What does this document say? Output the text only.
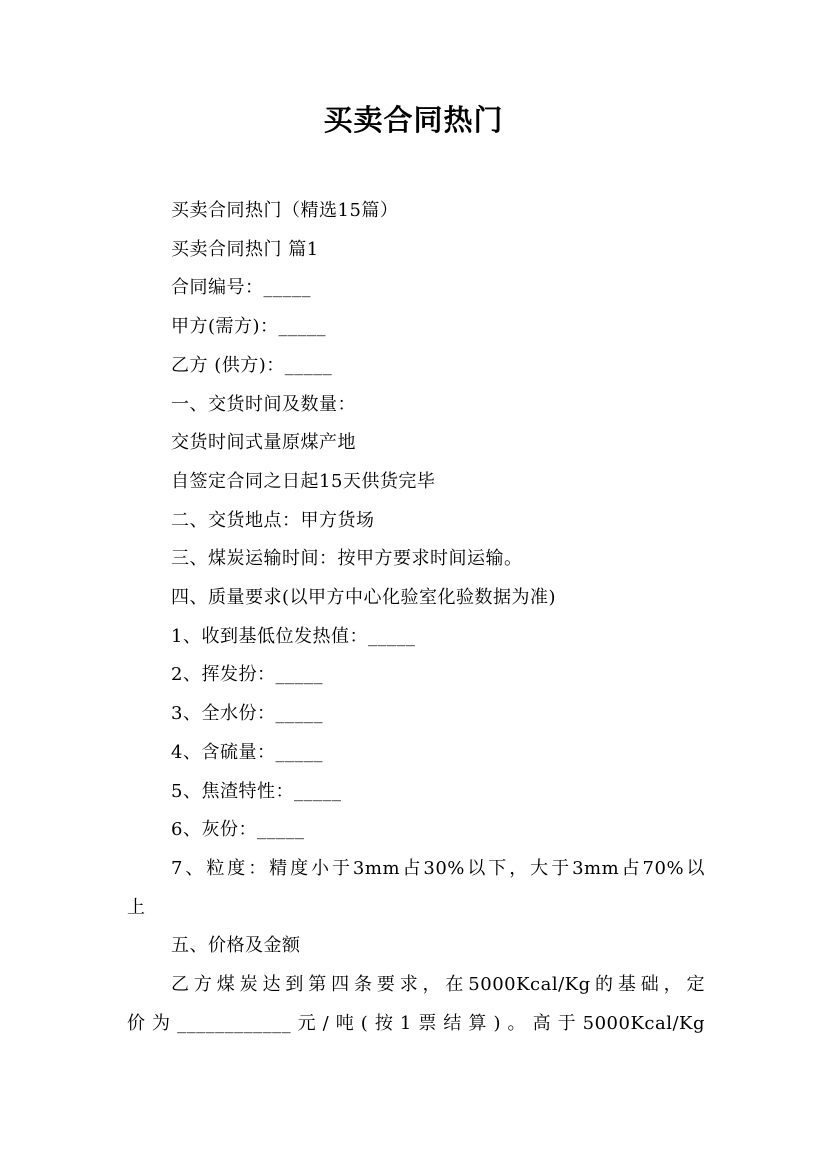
买卖合同热门
买卖合同热门（精选15篇）
买卖合同热门 篇1
合同编号：_____
甲方(需方)：_____
乙方 (供方)：_____
一、交货时间及数量：
交货时间式量原煤产地
自签定合同之日起15天供货完毕
二、交货地点：甲方货场
三、煤炭运输时间：按甲方要求时间运输。
四、质量要求(以甲方中心化验室化验数据为准)
1、收到基低位发热值：_____
2、挥发扮：_____
3、全水份：_____
4、含硫量：_____
5、焦渣特性：_____
6、灰份：_____
7、粒度：精度小于3mm占30%以下，大于3mm占70%以
上
五、价格及金额
乙方煤炭达到第四条要求，在5000Kcal/Kg的基础，定
价为____________元/吨(按1票结算)。高于5000Kcal/Kg
